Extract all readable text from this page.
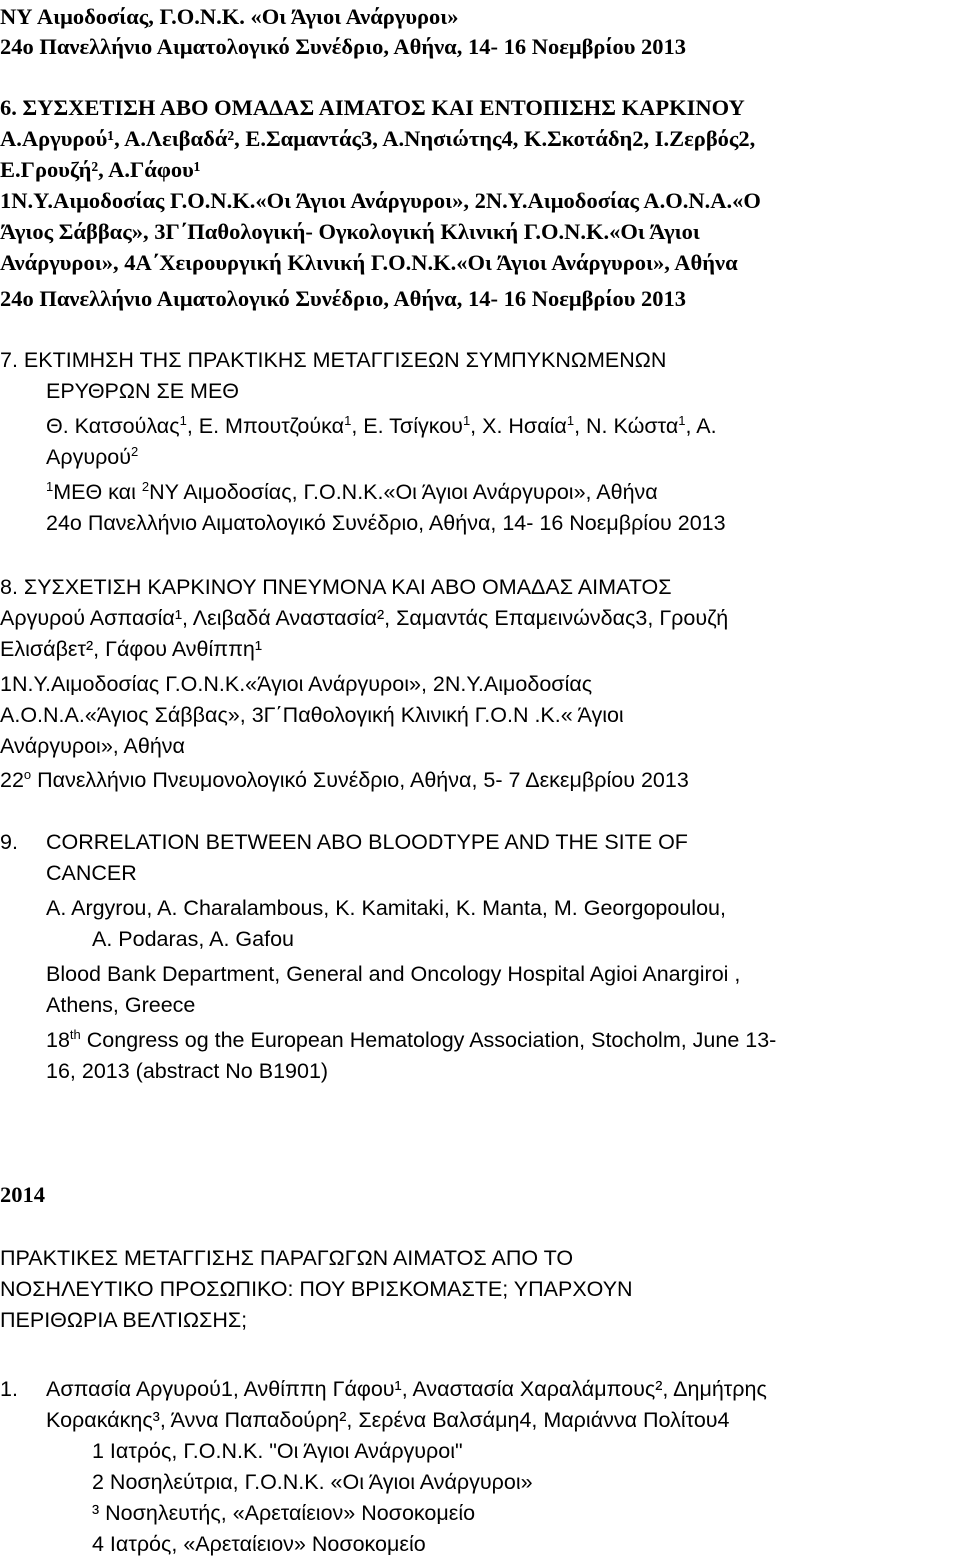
ΝΥ Αιμοδοσίας, Γ.Ο.Ν.Κ. «Οι Άγιοι Ανάργυροι»
24ο Πανελλήνιο Αιματολογικό Συνέδριο, Αθήνα, 14- 16 Νοεμβρίου 2013
6. ΣΥΣΧΕΤΙΣΗ ΑΒΟ ΟΜΑΔΑΣ ΑΙΜΑΤΟΣ ΚΑΙ ΕΝΤΟΠΙΣΗΣ ΚΑΡΚΙΝΟΥ
Α.Αργυρού¹, Α.Λειβαδά², Ε.Σαμαντάς3, Α.Νησιώτης4, Κ.Σκοτάδη2, Ι.Ζερβός2,
Ε.Γρουζή², Α.Γάφου¹
1Ν.Υ.Αιμοδοσίας Γ.Ο.Ν.Κ.«Οι Άγιοι Ανάργυροι», 2Ν.Υ.Αιμοδοσίας Α.Ο.Ν.Α.«Ο
Άγιος Σάββας», 3Γ΄Παθολογική- Ογκολογική Κλινική Γ.Ο.Ν.Κ.«Οι Άγιοι
Ανάργυροι», 4Α΄Χειρουργική Κλινική Γ.Ο.Ν.Κ.«Οι Άγιοι Ανάργυροι», Αθήνα
24ο Πανελλήνιο Αιματολογικό Συνέδριο, Αθήνα, 14- 16 Νοεμβρίου 2013
7. ΕΚΤΙΜΗΣΗ ΤΗΣ ΠΡΑΚΤΙΚΗΣ ΜΕΤΑΓΓΙΣΕΩΝ ΣΥΜΠΥΚΝΩΜΕΝΩΝ
ΕΡΥΘΡΩΝ ΣΕ ΜΕΘ
Θ. Κατσούλας$^1$, Ε. Μπουτζούκα$^1$, Ε. Τσίγκου$^1$, Χ. Ησαία$^1$, Ν. Κώστα$^1$, Α.
Αργυρού$^2$
$^1$ΜΕΘ και $^2$ΝΥ Αιμοδοσίας, Γ.Ο.Ν.Κ.«Οι Άγιοι Ανάργυροι», Αθήνα
24ο Πανελλήνιο Αιματολογικό Συνέδριο, Αθήνα, 14- 16 Νοεμβρίου 2013
8. ΣΥΣΧΕΤΙΣΗ ΚΑΡΚΙΝΟΥ ΠΝΕΥΜΟΝΑ ΚΑΙ ΑΒΟ ΟΜΑΔΑΣ ΑΙΜΑΤΟΣ
Αργυρού Ασπασία¹, Λειβαδά Αναστασία², Σαμαντάς Επαμεινώνδας3, Γρουζή
Ελισάβετ², Γάφου Ανθίππη¹
1Ν.Υ.Αιμοδοσίας Γ.Ο.Ν.Κ.«Άγιοι Ανάργυροι», 2Ν.Υ.Αιμοδοσίας
Α.Ο.Ν.Α.«Άγιος Σάββας», 3Γ΄Παθολογική Κλινική Γ.Ο.Ν .Κ.« Άγιοι
Ανάργυροι», Αθήνα
22$^o$ Πανελλήνιο Πνευμονολογικό Συνέδριο, Αθήνα, 5- 7 Δεκεμβρίου 2013
9. CORRELATION BETWEEN ABO BLOODTYPE AND THE SITE OF
CANCER
A. Argyrou, A. Charalambous, K. Kamitaki, K. Manta, M. Georgopoulou,
A. Podaras, A. Gafou
Blood Bank Department, General and Oncology Hospital Agioi Anargiroi ,
Athens, Greece
18th Congress og the European Hematology Association, Stocholm, June 13-
16, 2013 (abstract No B1901)
2014
ΠΡΑΚΤΙΚΕΣ ΜΕΤΑΓΓΙΣΗΣ ΠΑΡΑΓΩΓΩΝ ΑΙΜΑΤΟΣ ΑΠΟ ΤΟ
ΝΟΣΗΛΕΥΤΙΚΟ ΠΡΟΣΩΠΙΚΟ: ΠΟΥ ΒΡΙΣΚΟΜΑΣΤΕ; ΥΠΑΡΧΟΥΝ
ΠΕΡΙΘΩΡΙΑ ΒΕΛΤΙΩΣΗΣ;
1. Ασπασία Αργυρού1, Ανθίππη Γάφου¹, Αναστασία Χαραλάμπους², Δημήτρης
Κορακάκης³, Άννα Παπαδούρη², Σερένα Βαλσάμη4, Μαριάννα Πολίτου4
1 Ιατρός, Γ.Ο.Ν.Κ. "Οι Άγιοι Ανάργυροι"
2 Νοσηλεύτρια, Γ.Ο.Ν.Κ. «Οι Άγιοι Ανάργυροι»
³ Νοσηλευτής, «Αρεταίειον» Νοσοκομείο
4 Ιατρός, «Αρεταίειον» Νοσοκομείο
